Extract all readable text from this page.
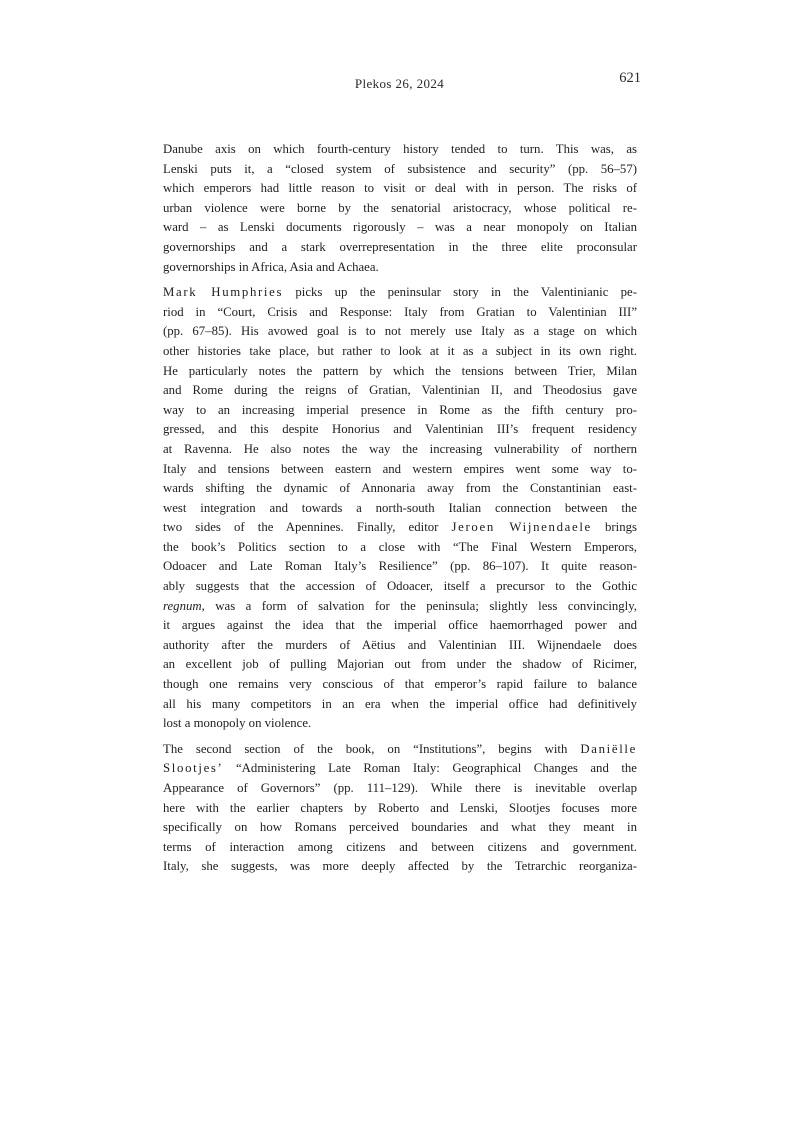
Plekos 26, 2024	621
Danube axis on which fourth-century history tended to turn. This was, as
Lenski puts it, a “closed system of subsistence and security” (pp. 56–57)
which emperors had little reason to visit or deal with in person. The risks of
urban violence were borne by the senatorial aristocracy, whose political re-
ward – as Lenski documents rigorously – was a near monopoly on Italian
governorships and a stark overrepresentation in the three elite proconsular
governorships in Africa, Asia and Achaea.
Mark Humphries picks up the peninsular story in the Valentinianic pe-
riod in “Court, Crisis and Response: Italy from Gratian to Valentinian III”
(pp. 67–85). His avowed goal is to not merely use Italy as a stage on which
other histories take place, but rather to look at it as a subject in its own right.
He particularly notes the pattern by which the tensions between Trier, Milan
and Rome during the reigns of Gratian, Valentinian II, and Theodosius gave
way to an increasing imperial presence in Rome as the fifth century pro-
gressed, and this despite Honorius and Valentinian III’s frequent residency
at Ravenna. He also notes the way the increasing vulnerability of northern
Italy and tensions between eastern and western empires went some way to-
wards shifting the dynamic of Annonaria away from the Constantinian east-
west integration and towards a north-south Italian connection between the
two sides of the Apennines. Finally, editor Jeroen Wijnendaele brings
the book’s Politics section to a close with “The Final Western Emperors,
Odoacer and Late Roman Italy’s Resilience” (pp. 86–107). It quite reason-
ably suggests that the accession of Odoacer, itself a precursor to the Gothic
regnum, was a form of salvation for the peninsula; slightly less convincingly,
it argues against the idea that the imperial office haemorrhaged power and
authority after the murders of Aëtius and Valentinian III. Wijnendaele does
an excellent job of pulling Majorian out from under the shadow of Ricimer,
though one remains very conscious of that emperor’s rapid failure to balance
all his many competitors in an era when the imperial office had definitively
lost a monopoly on violence.
The second section of the book, on “Institutions”, begins with Daniëlle
Slootjes’ “Administering Late Roman Italy: Geographical Changes and the
Appearance of Governors” (pp. 111–129). While there is inevitable overlap
here with the earlier chapters by Roberto and Lenski, Slootjes focuses more
specifically on how Romans perceived boundaries and what they meant in
terms of interaction among citizens and between citizens and government.
Italy, she suggests, was more deeply affected by the Tetrarchic reorganiza-
